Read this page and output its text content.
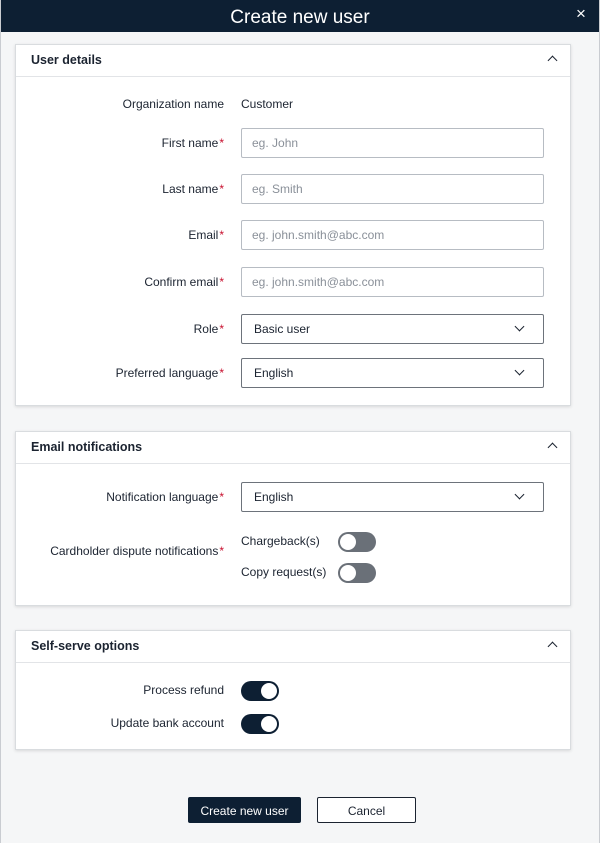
Create new user	×
User details
Organization name Customer
First name*
eg. John
Last name*
eg. Smith
Email*
eg. john.smith@abc.com
Confirm email*
eg. john.smith@abc.com
Role*	Basic user
Preferred language*	English
Email notifications
Notification language*	English
Cardholder dispute notifications*
Chargeback(s)
Copy request(s)
Self-serve options
Process refund
Update bank account
Create new user	Cancel
